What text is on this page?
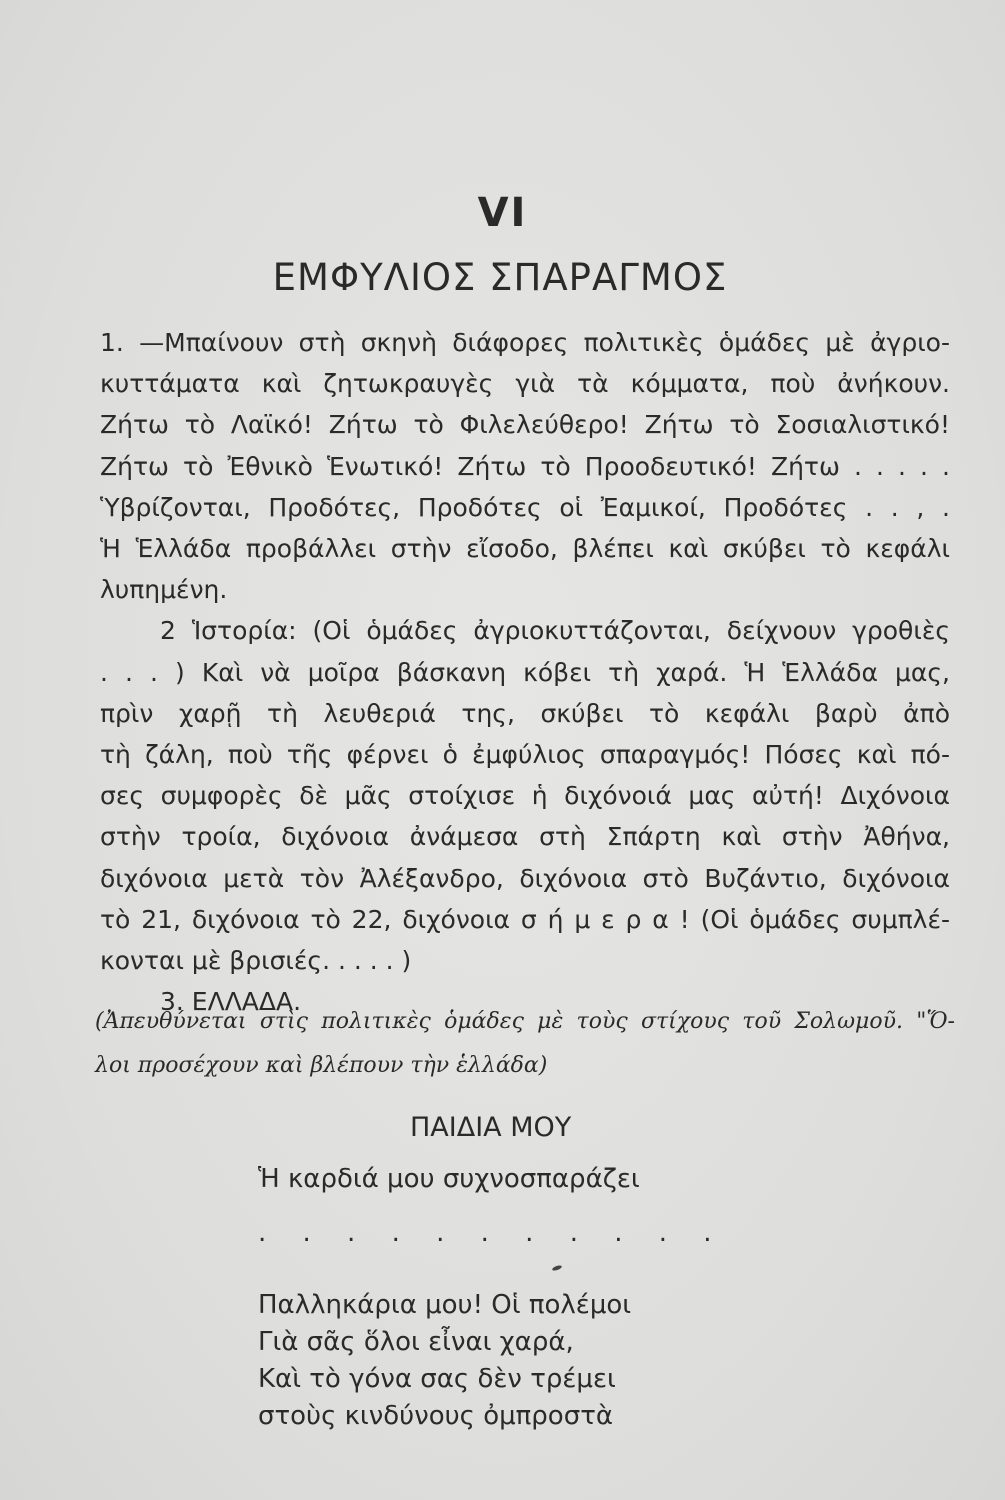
VI
ΕΜΦΥΛΙΟΣ ΣΠΑΡΑΓΜΟΣ
1. —Μπαίνουν στὴ σκηνὴ διάφορες πολιτικὲς ὁμάδες μὲ ἀγριο-
κυττάματα καὶ ζητωκραυγὲς γιὰ τὰ κόμματα, ποὺ ἀνήκουν.
Ζήτω τὸ Λαϊκό! Ζήτω τὸ Φιλελεύθερο! Ζήτω τὸ Σοσιαλιστικό!
Ζήτω τὸ Ἐθνικὸ Ἑνωτικό! Ζήτω τὸ Προοδευτικό! Ζήτω . . . . .
Ὑβρίζονται, Προδότες, Προδότες οἱ Ἐαμικοί, Προδότες . . , .
Ἡ Ἑλλάδα προβάλλει στὴν εἴσοδο, βλέπει καὶ σκύβει τὸ κεφάλι
λυπημένη.
2 Ἱστορία: (Οἱ ὁμάδες ἀγριοκυττάζονται, δείχνουν γροθιὲς
. . . ) Καὶ νὰ μοῖρα βάσκανη κόβει τὴ χαρά. Ἡ Ἑλλάδα μας,
πρὶν χαρῇ τὴ λευθεριά της, σκύβει τὸ κεφάλι βαρὺ ἀπὸ
τὴ ζάλη, ποὺ τῆς φέρνει ὁ ἐμφύλιος σπαραγμός! Πόσες καὶ πό-
σες συμφορὲς δὲ μᾶς στοίχισε ἡ διχόνοιά μας αὐτή! Διχόνοια
στὴν τροία, διχόνοια ἀνάμεσα στὴ Σπάρτη καὶ στὴν Ἀθήνα,
διχόνοια μετὰ τὸν Ἀλέξανδρο, διχόνοια στὸ Βυζάντιο, διχόνοια
τὸ 21, διχόνοια τὸ 22, διχόνοια σ ή μ ε ρ α ! (Οἱ ὁμάδες συμπλέ-
κονται μὲ βρισιές. . . . . )
3. ΕΛΛΑΔΑ.
(Ἀπευθύνεται στὶς πολιτικὲς ὁμάδες μὲ τοὺς στίχους τοῦ Σολωμοῦ. "Ὅ-
λοι προσέχουν καὶ βλέπουν τὴν ἑλλάδα)
ΠΑΙΔΙΑ ΜΟΥ
Ἡ καρδιά μου συχνοσπαράζει
. . . . . . . . . . .
Παλληκάρια μου! Οἱ πολέμοι
Γιὰ σᾶς ὅλοι εἶναι χαρά,
Καὶ τὸ γόνα σας δὲν τρέμει
στοὺς κινδύνους ὀμπροστὰ
